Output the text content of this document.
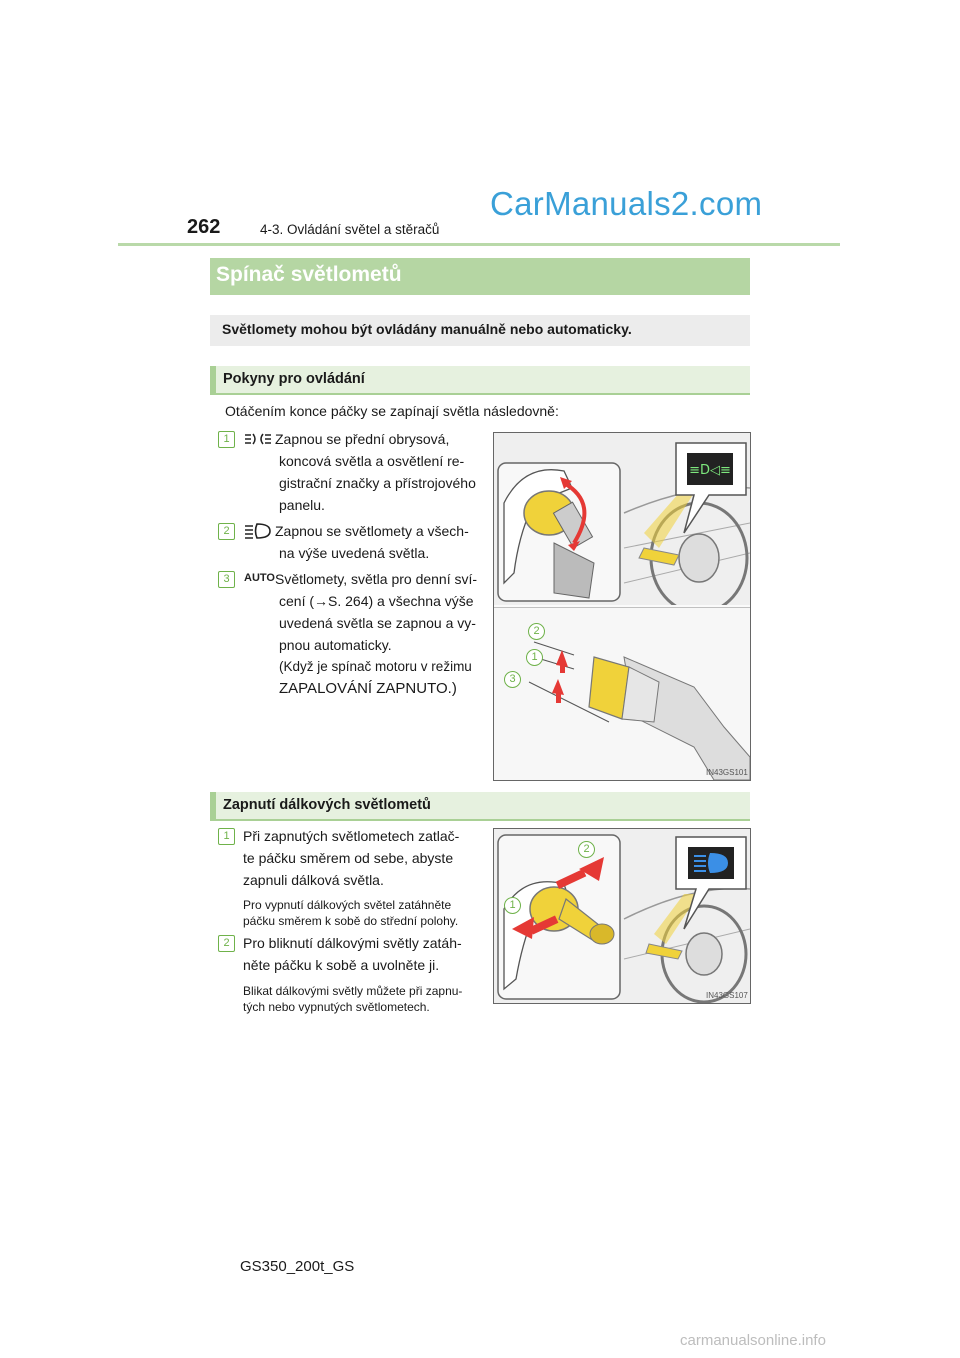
262	4-3. Ovládání světel a stěračů
CarManuals2.com
Spínač světlometů
Světlomety mohou být ovládány manuálně nebo automaticky.
Pokyny pro ovládání
Otáčením konce páčky se zapínají světla následovně:
1	Zapnou se přední obrysová,
koncová světla a osvětlení re-
gistrační značky a přístrojového
panelu.
2	Zapnou se světlomety a všech-
na výše uvedená světla.
3	AUTO Světlomety, světla pro denní sví-
cení (→S. 264) a všechna výše
uvedená světla se zapnou a vy-
pnou automaticky.
(Když je spínač motoru v režimu
ZAPALOVÁNÍ ZAPNUTO.)
≡D◁≡
2
1
3
IN43GS101
Zapnutí dálkových světlometů
1 Při zapnutých světlometech zatlač-
te páčku směrem od sebe, abyste
zapnuli dálková světla.
Pro vypnutí dálkových světel zatáhněte
páčku směrem k sobě do střední polohy.
2 Pro bliknutí dálkovými světly zatáh-
něte páčku k sobě a uvolněte ji.
Blikat dálkovými světly můžete při zapnu-
tých nebo vypnutých světlometech.
2
1
IN43GS107
GS350_200t_GS
carmanualsonline.info
